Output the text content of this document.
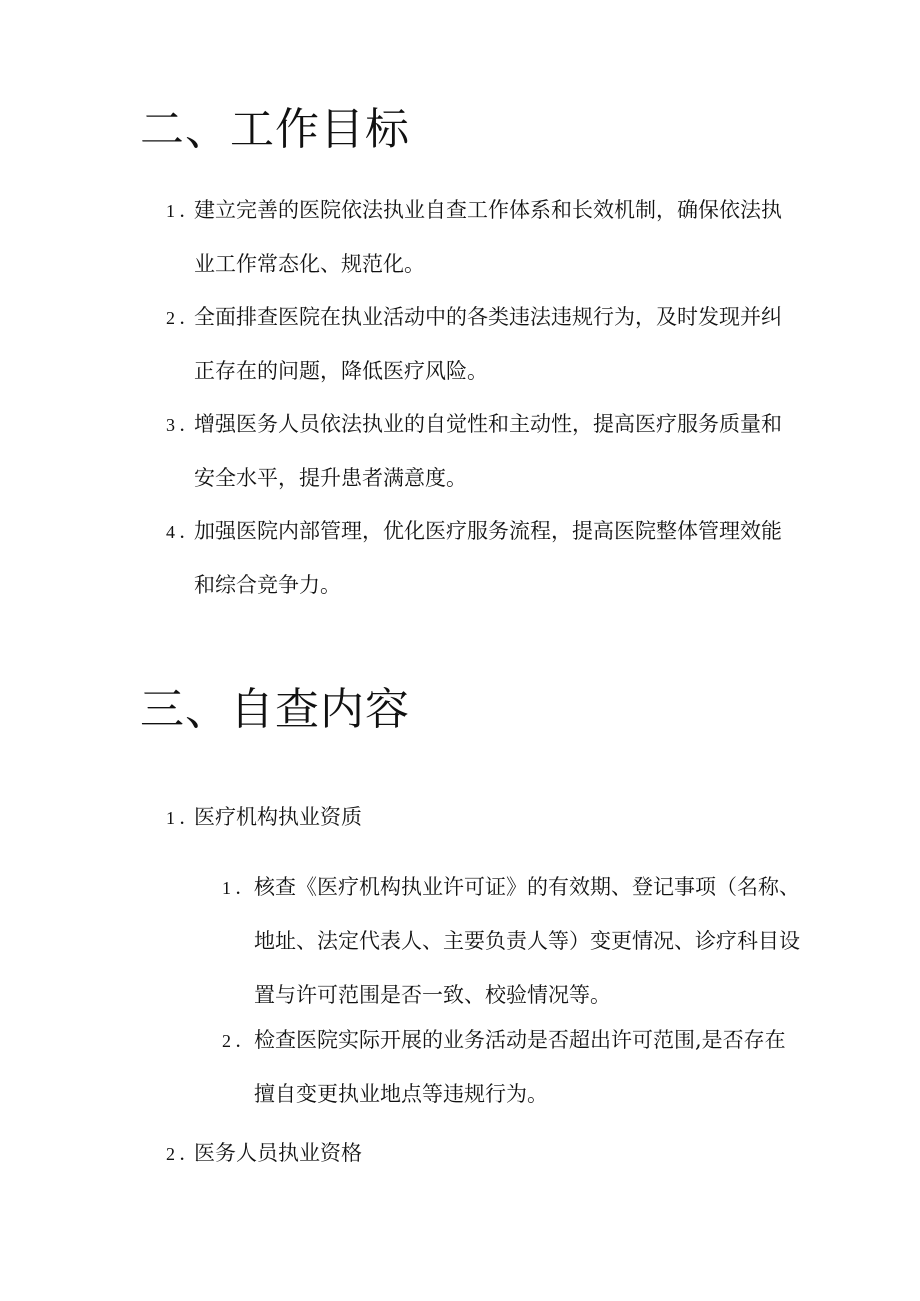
二、工作目标
1 . 建立完善的医院依法执业自查工作体系和长效机制，确保依法执业工作常态化、规范化。
2 . 全面排查医院在执业活动中的各类违法违规行为，及时发现并纠正存在的问题，降低医疗风险。
3 . 增强医务人员依法执业的自觉性和主动性，提高医疗服务质量和安全水平，提升患者满意度。
4 . 加强医院内部管理，优化医疗服务流程，提高医院整体管理效能和综合竞争力。
三、自查内容
1 . 医疗机构执业资质
1 . 核查《医疗机构执业许可证》的有效期、登记事项（名称、地址、法定代表人、主要负责人等）变更情况、诊疗科目设置与许可范围是否一致、校验情况等。
2 . 检查医院实际开展的业务活动是否超出许可范围,是否存在擅自变更执业地点等违规行为。
2 . 医务人员执业资格
